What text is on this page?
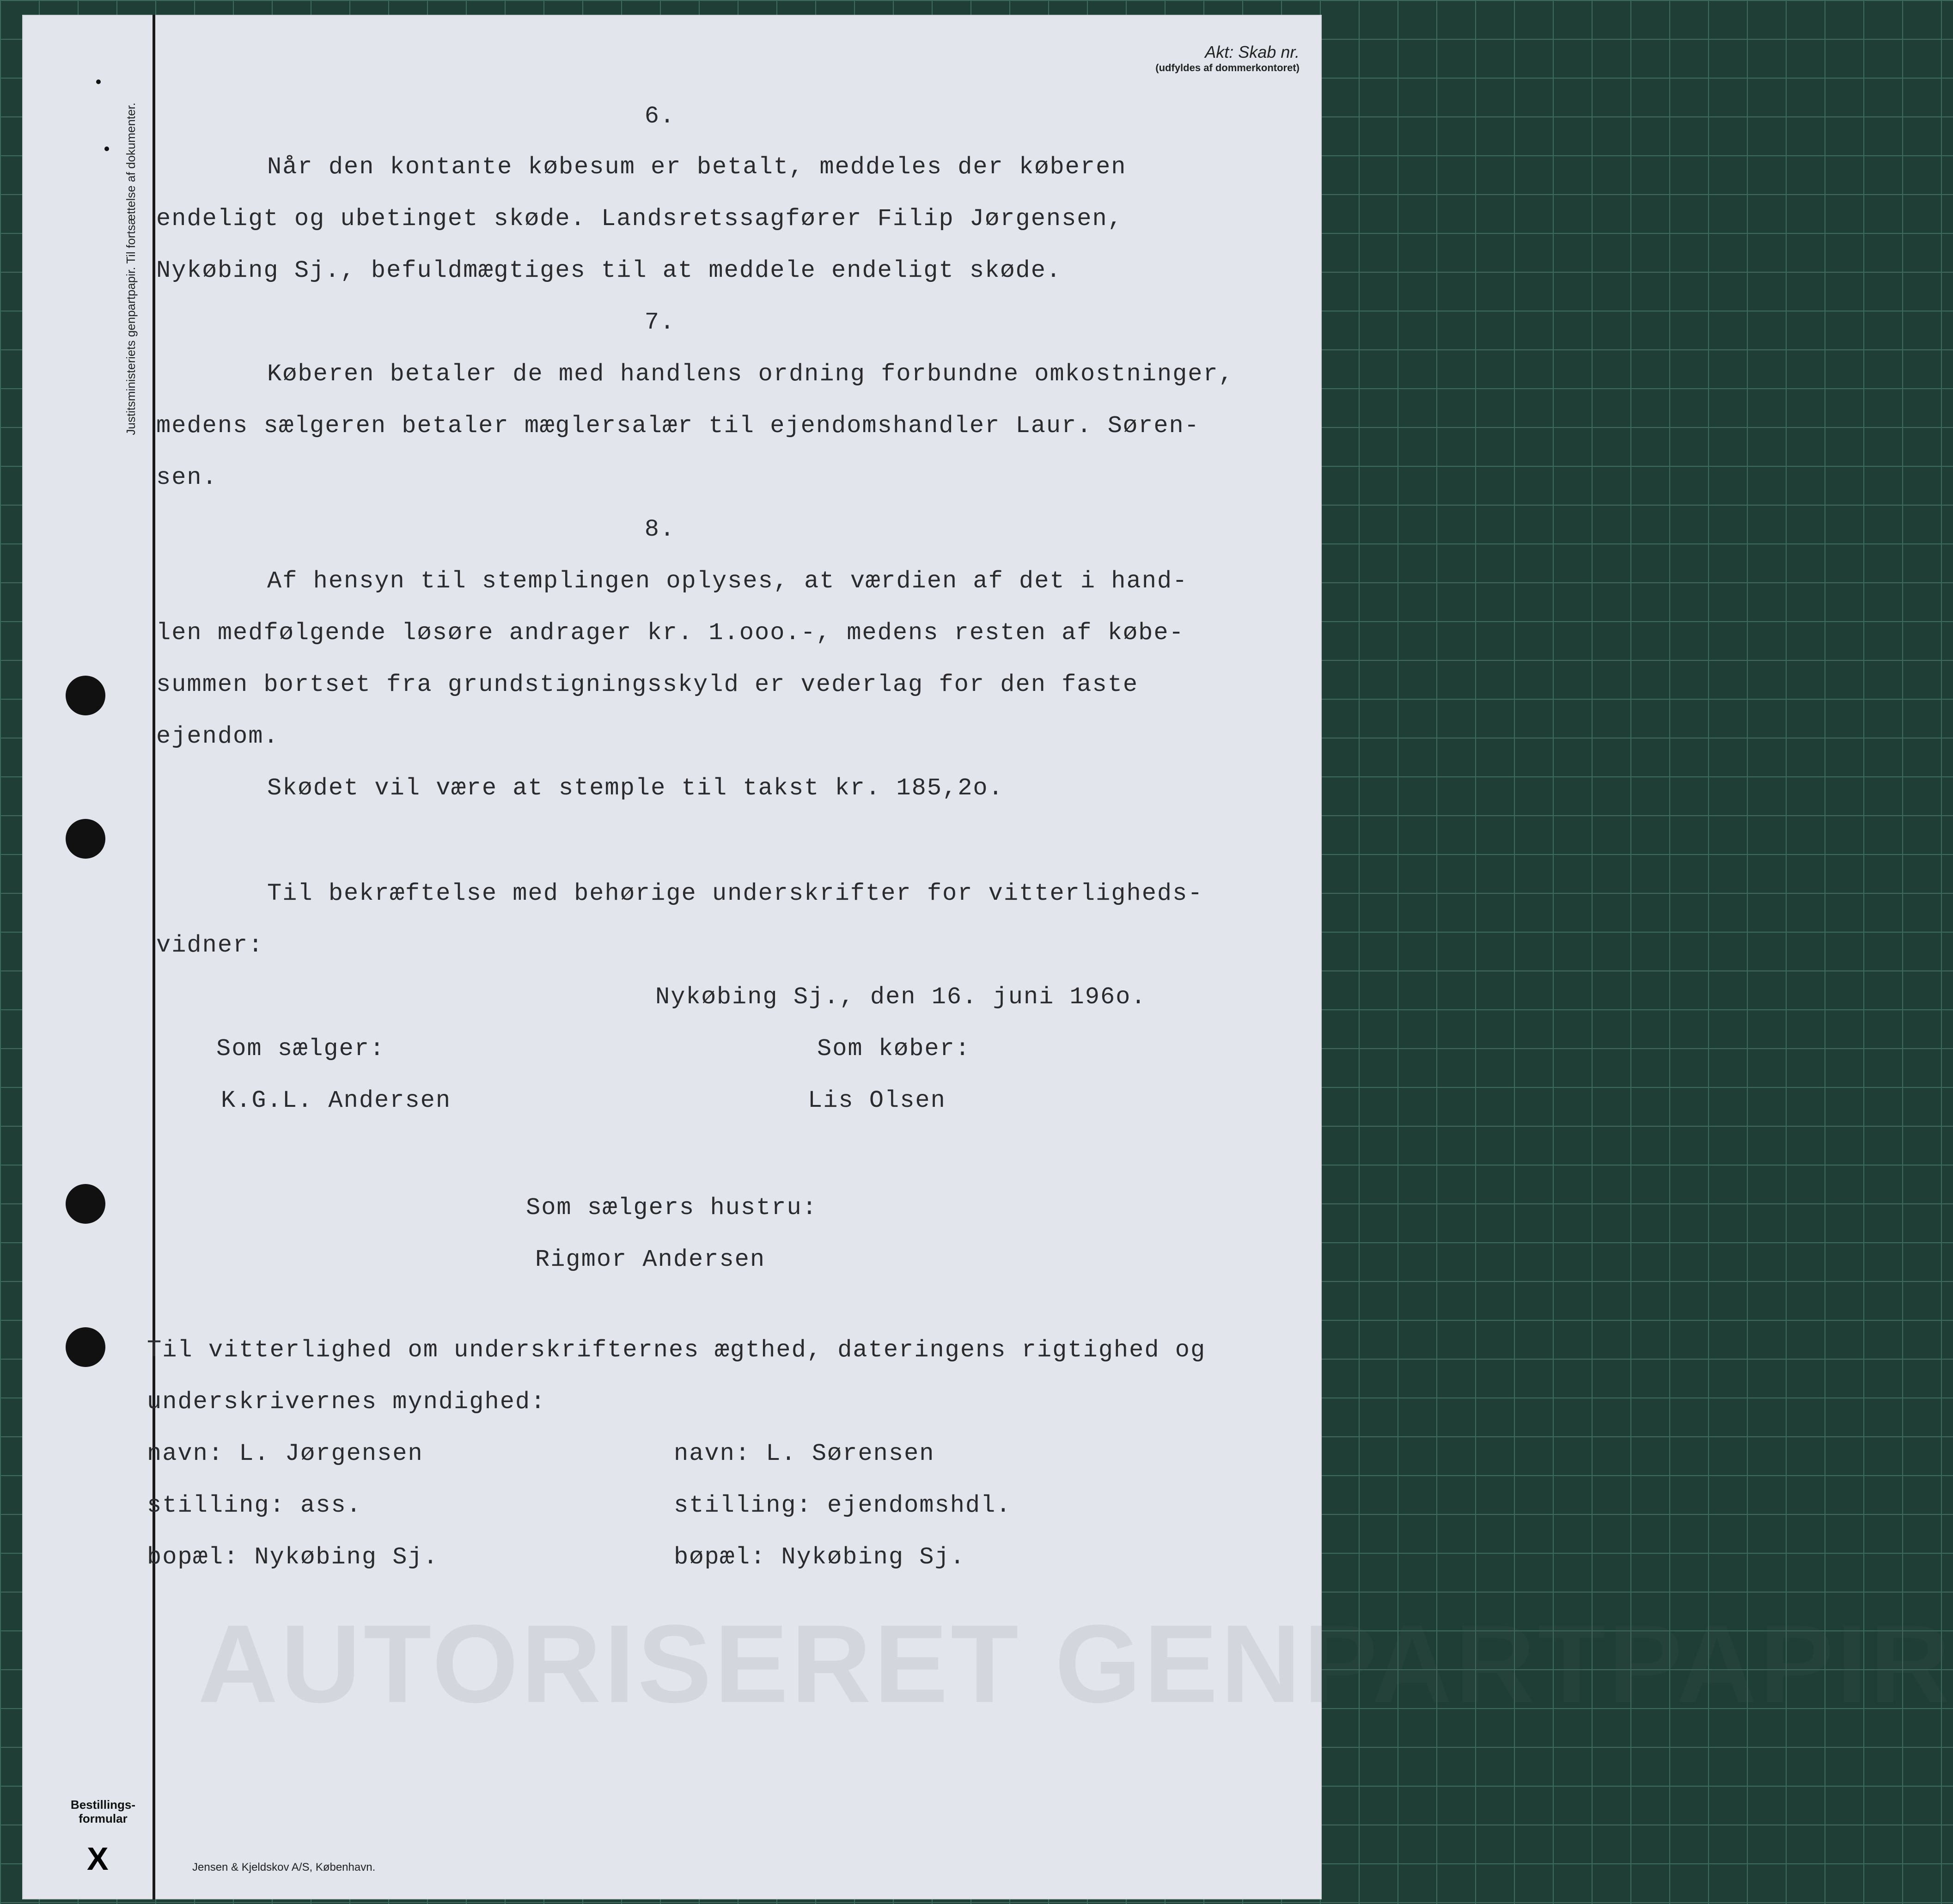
Justitsministeriets genpartpapir. Til fortsættelse af dokumenter.
Akt: Skab nr.
(udfyldes af dommerkontoret)
AUTORISERET GENPARTPAPIR
6.
Når den kontante købesum er betalt, meddeles der køberen
endeligt og ubetinget skøde. Landsretssagfører Filip Jørgensen,
Nykøbing Sj., befuldmægtiges til at meddele endeligt skøde.
7.
Køberen betaler de med handlens ordning forbundne omkostninger,
medens sælgeren betaler mæglersalær til ejendomshandler Laur. Søren-
sen.
8.
Af hensyn til stemplingen oplyses, at værdien af det i hand-
len medfølgende løsøre andrager kr. 1.ooo.-, medens resten af købe-
summen bortset fra grundstigningsskyld er vederlag for den faste
ejendom.
Skødet vil være at stemple til takst kr. 185,2o.
Til bekræftelse med behørige underskrifter for vitterligheds-
vidner:
Nykøbing Sj., den 16. juni 196o.
Som sælger:	Som køber:
K.G.L. Andersen	Lis Olsen
Som sælgers hustru:
Rigmor Andersen
Til vitterlighed om underskrifternes ægthed, dateringens rigtighed og
underskrivernes myndighed:
navn: L. Jørgensen	navn: L. Sørensen
stilling: ass.	stilling: ejendomshdl.
bopæl: Nykøbing Sj.	bøpæl: Nykøbing Sj.
Bestillings-
formular
X	Jensen & Kjeldskov A/S, København.
